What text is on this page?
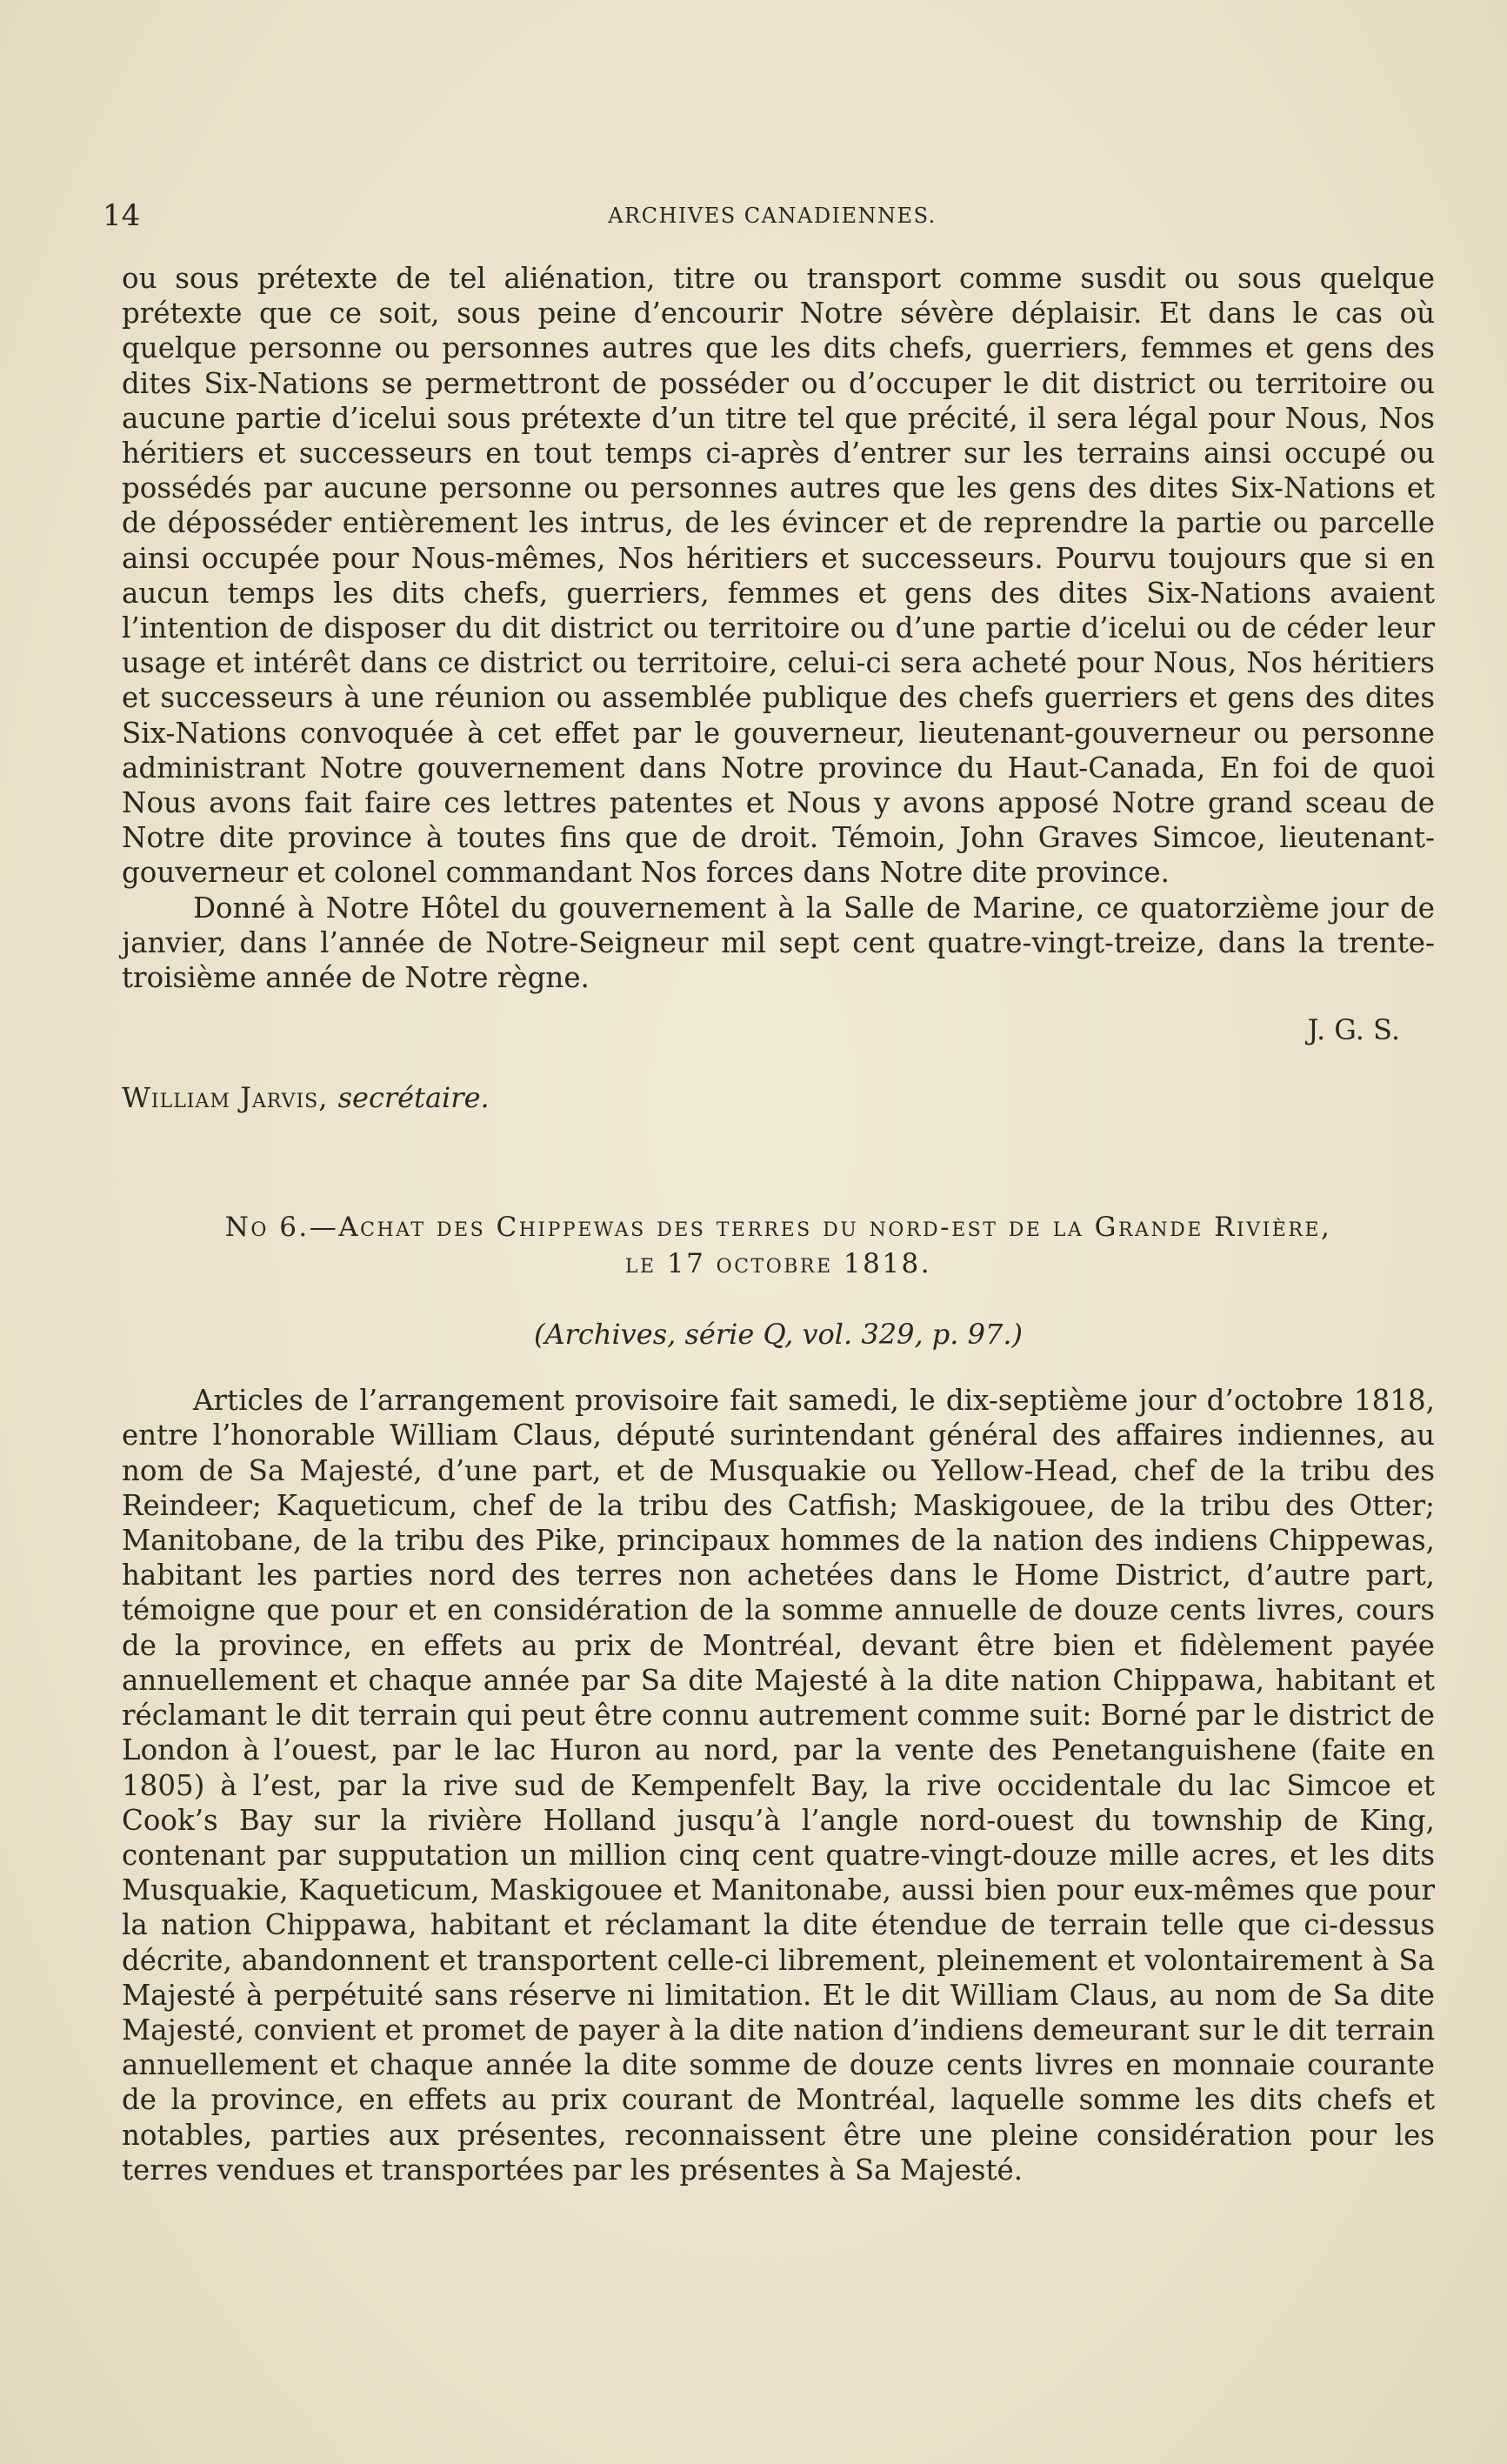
14	ARCHIVES CANADIENNES.

ou sous prétexte de tel aliénation, titre ou transport comme susdit ou sous quelque prétexte que ce soit, sous peine d’encourir Notre sévère déplaisir. Et dans le cas où quelque personne ou personnes autres que les dits chefs, guerriers, femmes et gens des dites Six-Nations se permettront de posséder ou d’occuper le dit district ou territoire ou aucune partie d’icelui sous prétexte d’un titre tel que précité, il sera légal pour Nous, Nos héritiers et successeurs en tout temps ci-après d’entrer sur les terrains ainsi occupé ou possédés par aucune personne ou personnes autres que les gens des dites Six-Nations et de déposséder entièrement les intrus, de les évincer et de reprendre la partie ou parcelle ainsi occupée pour Nous-mêmes, Nos héritiers et successeurs. Pourvu toujours que si en aucun temps les dits chefs, guerriers, femmes et gens des dites Six-Nations avaient l’intention de disposer du dit district ou territoire ou d’une partie d’icelui ou de céder leur usage et intérêt dans ce district ou territoire, celui-ci sera acheté pour Nous, Nos héritiers et successeurs à une réunion ou assemblée publique des chefs guerriers et gens des dites Six-Nations convoquée à cet effet par le gouverneur, lieutenant-gouverneur ou personne administrant Notre gouvernement dans Notre province du Haut-Canada, En foi de quoi Nous avons fait faire ces lettres patentes et Nous y avons apposé Notre grand sceau de Notre dite province à toutes fins que de droit. Témoin, John Graves Simcoe, lieutenant-gouverneur et colonel commandant Nos forces dans Notre dite province.

Donné à Notre Hôtel du gouvernement à la Salle de Marine, ce quatorzième jour de janvier, dans l’année de Notre-Seigneur mil sept cent quatre-vingt-treize, dans la trente-troisième année de Notre règne.

J. G. S.
William Jarvis, secrétaire.
No 6.—Achat des Chippewas des terres du nord-est de la Grande Rivière,
le 17 octobre 1818.
(Archives, série Q, vol. 329, p. 97.)

Articles de l’arrangement provisoire fait samedi, le dix-septième jour d’octobre 1818, entre l’honorable William Claus, député surintendant général des affaires indiennes, au nom de Sa Majesté, d’une part, et de Musquakie ou Yellow-Head, chef de la tribu des Reindeer; Kaqueticum, chef de la tribu des Catfish; Maskigouee, de la tribu des Otter; Manitobane, de la tribu des Pike, principaux hommes de la nation des indiens Chippewas, habitant les parties nord des terres non achetées dans le Home District, d’autre part, témoigne que pour et en considération de la somme annuelle de douze cents livres, cours de la province, en effets au prix de Montréal, devant être bien et fidèlement payée annuellement et chaque année par Sa dite Majesté à la dite nation Chippawa, habitant et réclamant le dit terrain qui peut être connu autrement comme suit: Borné par le district de London à l’ouest, par le lac Huron au nord, par la vente des Penetanguishene (faite en 1805) à l’est, par la rive sud de Kempenfelt Bay, la rive occidentale du lac Simcoe et Cook’s Bay sur la rivière Holland jusqu’à l’angle nord-ouest du township de King, contenant par supputation un million cinq cent quatre-vingt-douze mille acres, et les dits Musquakie, Kaqueticum, Maskigouee et Manitonabe, aussi bien pour eux-mêmes que pour la nation Chippawa, habitant et réclamant la dite étendue de terrain telle que ci-dessus décrite, abandonnent et transportent celle-ci librement, pleinement et volontairement à Sa Majesté à perpétuité sans réserve ni limitation. Et le dit William Claus, au nom de Sa dite Majesté, convient et promet de payer à la dite nation d’indiens demeurant sur le dit terrain annuellement et chaque année la dite somme de douze cents livres en monnaie courante de la province, en effets au prix courant de Montréal, laquelle somme les dits chefs et notables, parties aux présentes, reconnaissent être une pleine considération pour les terres vendues et transportées par les présentes à Sa Majesté.
